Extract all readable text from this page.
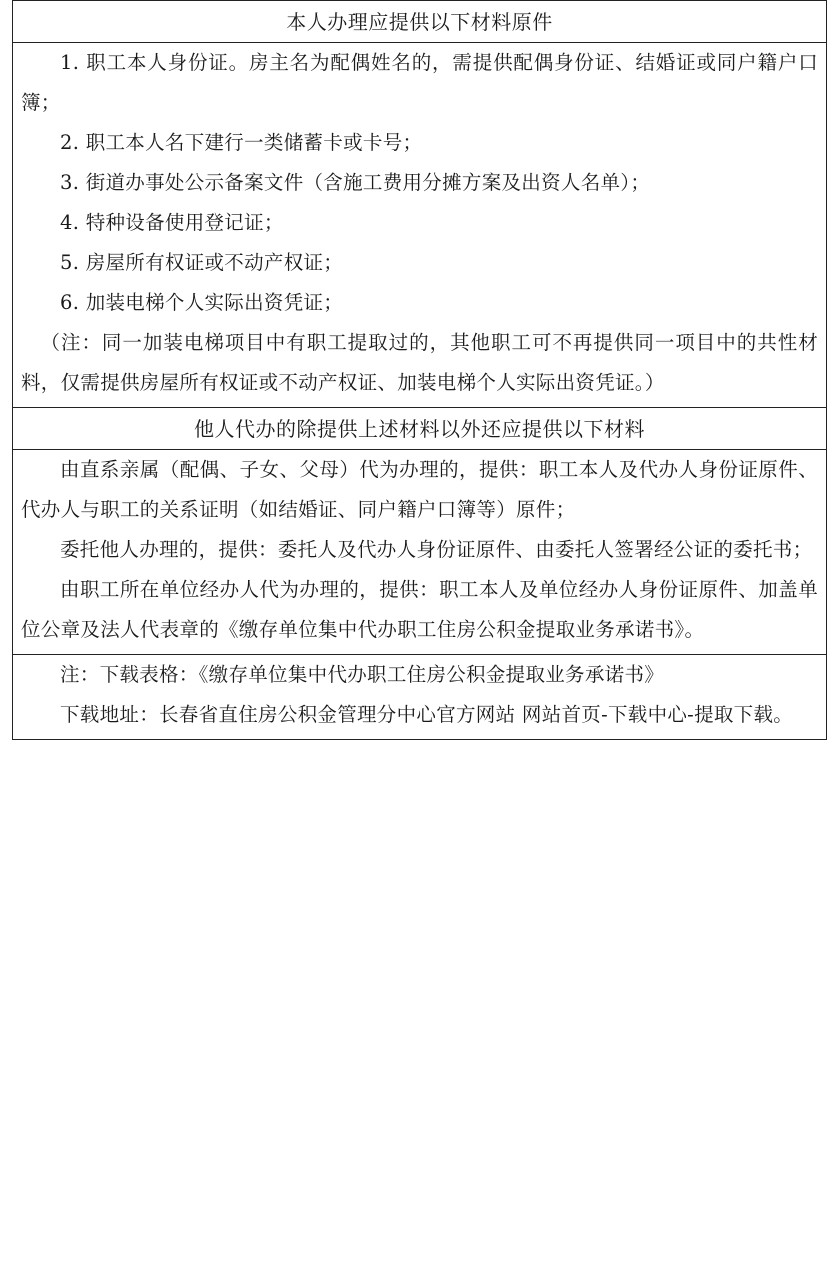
本人办理应提供以下材料原件

1. 职工本人身份证。房主名为配偶姓名的，需提供配偶身份证、结婚证或同户籍户口簿；

2. 职工本人名下建行一类储蓄卡或卡号；

3. 街道办事处公示备案文件（含施工费用分摊方案及出资人名单）；

4. 特种设备使用登记证；

5. 房屋所有权证或不动产权证；

6. 加装电梯个人实际出资凭证；

（注：同一加装电梯项目中有职工提取过的，其他职工可不再提供同一项目中的共性材料，仅需提供房屋所有权证或不动产权证、加装电梯个人实际出资凭证。）

他人代办的除提供上述材料以外还应提供以下材料

由直系亲属（配偶、子女、父母）代为办理的，提供：职工本人及代办人身份证原件、代办人与职工的关系证明（如结婚证、同户籍户口簿等）原件；

委托他人办理的，提供：委托人及代办人身份证原件、由委托人签署经公证的委托书；

由职工所在单位经办人代为办理的，提供：职工本人及单位经办人身份证原件、加盖单位公章及法人代表章的《缴存单位集中代办职工住房公积金提取业务承诺书》。

注：下载表格：《缴存单位集中代办职工住房公积金提取业务承诺书》

下载地址：长春省直住房公积金管理分中心官方网站 网站首页-下载中心-提取下载。
